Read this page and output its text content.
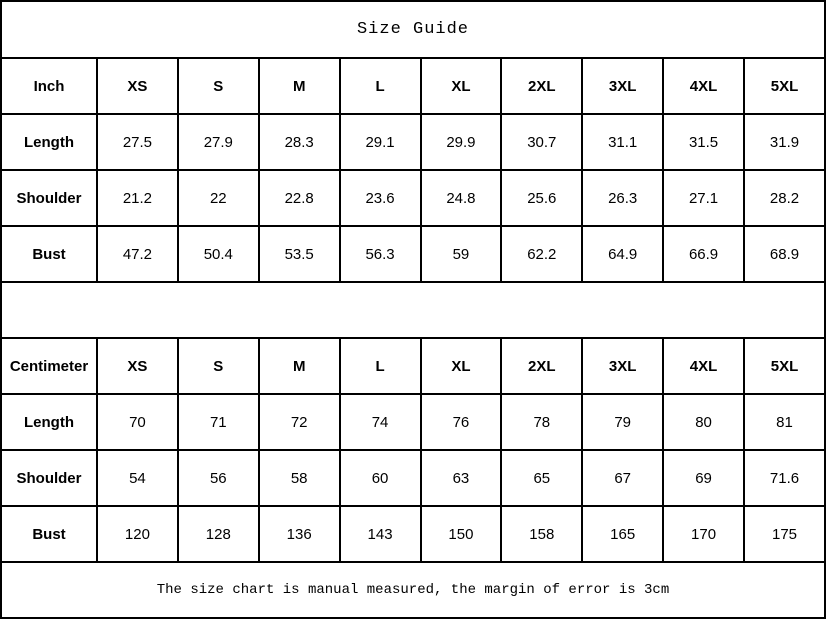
Size Guide									
Inch	XS	S	M	L	XL	2XL	3XL	4XL	5XL
Length	27.5	27.9	28.3	29.1	29.9	30.7	31.1	31.5	31.9
Shoulder	21.2	22	22.8	23.6	24.8	25.6	26.3	27.1	28.2
Bust	47.2	50.4	53.5	56.3	59	62.2	64.9	66.9	68.9

Centimeter	XS	S	M	L	XL	2XL	3XL	4XL	5XL
Length	70	71	72	74	76	78	79	80	81
Shoulder	54	56	58	60	63	65	67	69	71.6
Bust	120	128	136	143	150	158	165	170	175
The size chart is manual measured, the margin of error is 3cm									
